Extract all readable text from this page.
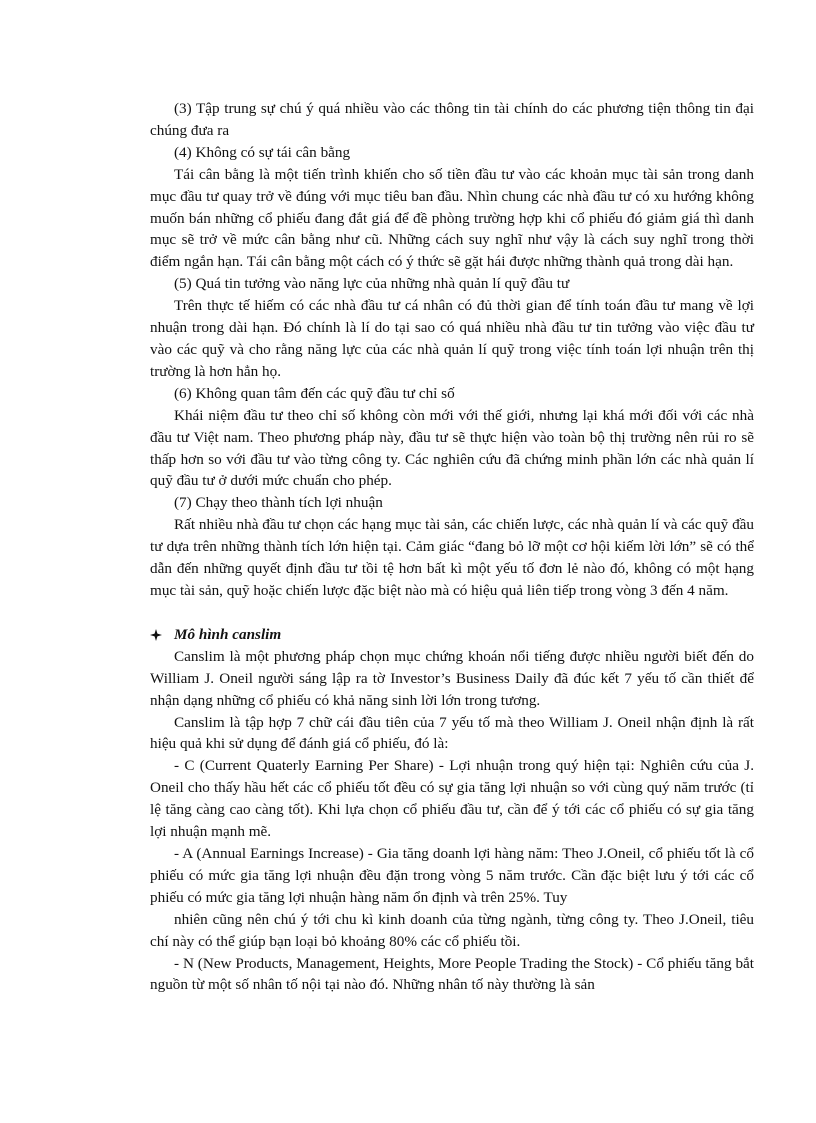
(3) Tập trung sự chú ý quá nhiều vào các thông tin tài chính do các phương tiện thông tin đại chúng đưa ra

(4) Không có sự tái cân bằng

Tái cân bằng là một tiến trình khiến cho số tiền đầu tư vào các khoản mục tài sản trong danh mục đầu tư quay trở về đúng với mục tiêu ban đầu. Nhìn chung các nhà đầu tư có xu hướng không muốn bán những cổ phiếu đang đắt giá để đề phòng trường hợp khi cổ phiếu đó giảm giá thì danh mục sẽ trở về mức cân bằng như cũ. Những cách suy nghĩ như vậy là cách suy nghĩ trong thời điểm ngắn hạn. Tái cân bằng một cách có ý thức sẽ gặt hái được những thành quả trong dài hạn.

(5) Quá tin tưởng vào năng lực của những nhà quản lí quỹ đầu tư

Trên thực tế hiếm có các nhà đầu tư cá nhân có đủ thời gian để tính toán đầu tư mang về lợi nhuận trong dài hạn. Đó chính là lí do tại sao có quá nhiều nhà đầu tư tin tưởng vào việc đầu tư vào các quỹ và cho rằng năng lực của các nhà quản lí quỹ trong việc tính toán lợi nhuận trên thị trường là hơn hẳn họ.

(6) Không quan tâm đến các quỹ đầu tư chỉ số

Khái niệm đầu tư theo chỉ số không còn mới với thế giới, nhưng lại khá mới đối với các nhà đầu tư Việt nam. Theo phương pháp này, đầu tư sẽ thực hiện vào toàn bộ thị trường nên rủi ro sẽ thấp hơn so với đầu tư vào từng công ty. Các nghiên cứu đã chứng minh phần lớn các nhà quản lí quỹ đầu tư ở dưới mức chuẩn cho phép.

(7) Chạy theo thành tích lợi nhuận

Rất nhiều nhà đầu tư chọn các hạng mục tài sản, các chiến lược, các nhà quản lí và các quỹ đầu tư dựa trên những thành tích lớn hiện tại. Cảm giác “đang bỏ lỡ một cơ hội kiếm lời lớn” sẽ có thể dẫn đến những quyết định đầu tư tồi tệ hơn bất kì một yếu tố đơn lẻ nào đó, không có một hạng mục tài sản, quỹ hoặc chiến lược đặc biệt nào mà có hiệu quả liên tiếp trong vòng 3 đến 4 năm.

Mô hình canslim

Canslim là một phương pháp chọn mục chứng khoán nổi tiếng được nhiều người biết đến do William J. Oneil người sáng lập ra tờ Investor’s Business Daily đã đúc kết 7 yếu tố cần thiết để nhận dạng những cổ phiếu có khả năng sinh lời lớn trong tương.

Canslim là tập hợp 7 chữ cái đầu tiên của 7 yếu tố mà theo William J. Oneil nhận định là rất hiệu quả khi sử dụng để đánh giá cổ phiếu, đó là:

- C (Current Quaterly Earning Per Share) - Lợi nhuận trong quý hiện tại: Nghiên cứu của J. Oneil cho thấy hầu hết các cổ phiếu tốt đều có sự gia tăng lợi nhuận so với cùng quý năm trước (tỉ lệ tăng càng cao càng tốt). Khi lựa chọn cổ phiếu đầu tư, cần để ý tới các cổ phiếu có sự gia tăng lợi nhuận mạnh mẽ.

- A (Annual Earnings Increase) - Gia tăng doanh lợi hàng năm: Theo J.Oneil, cổ phiếu tốt là cổ phiếu có mức gia tăng lợi nhuận đều đặn trong vòng 5 năm trước. Cần đặc biệt lưu ý tới các cổ phiếu có mức gia tăng lợi nhuận hàng năm ổn định và trên 25%. Tuy

nhiên cũng nên chú ý tới chu kì kinh doanh của từng ngành, từng công ty. Theo J.Oneil, tiêu chí này có thể giúp bạn loại bỏ khoảng 80% các cổ phiếu tồi.

- N (New Products, Management, Heights, More People Trading the Stock) - Cổ phiếu tăng bắt nguồn từ một số nhân tố nội tại nào đó. Những nhân tố này thường là sản
